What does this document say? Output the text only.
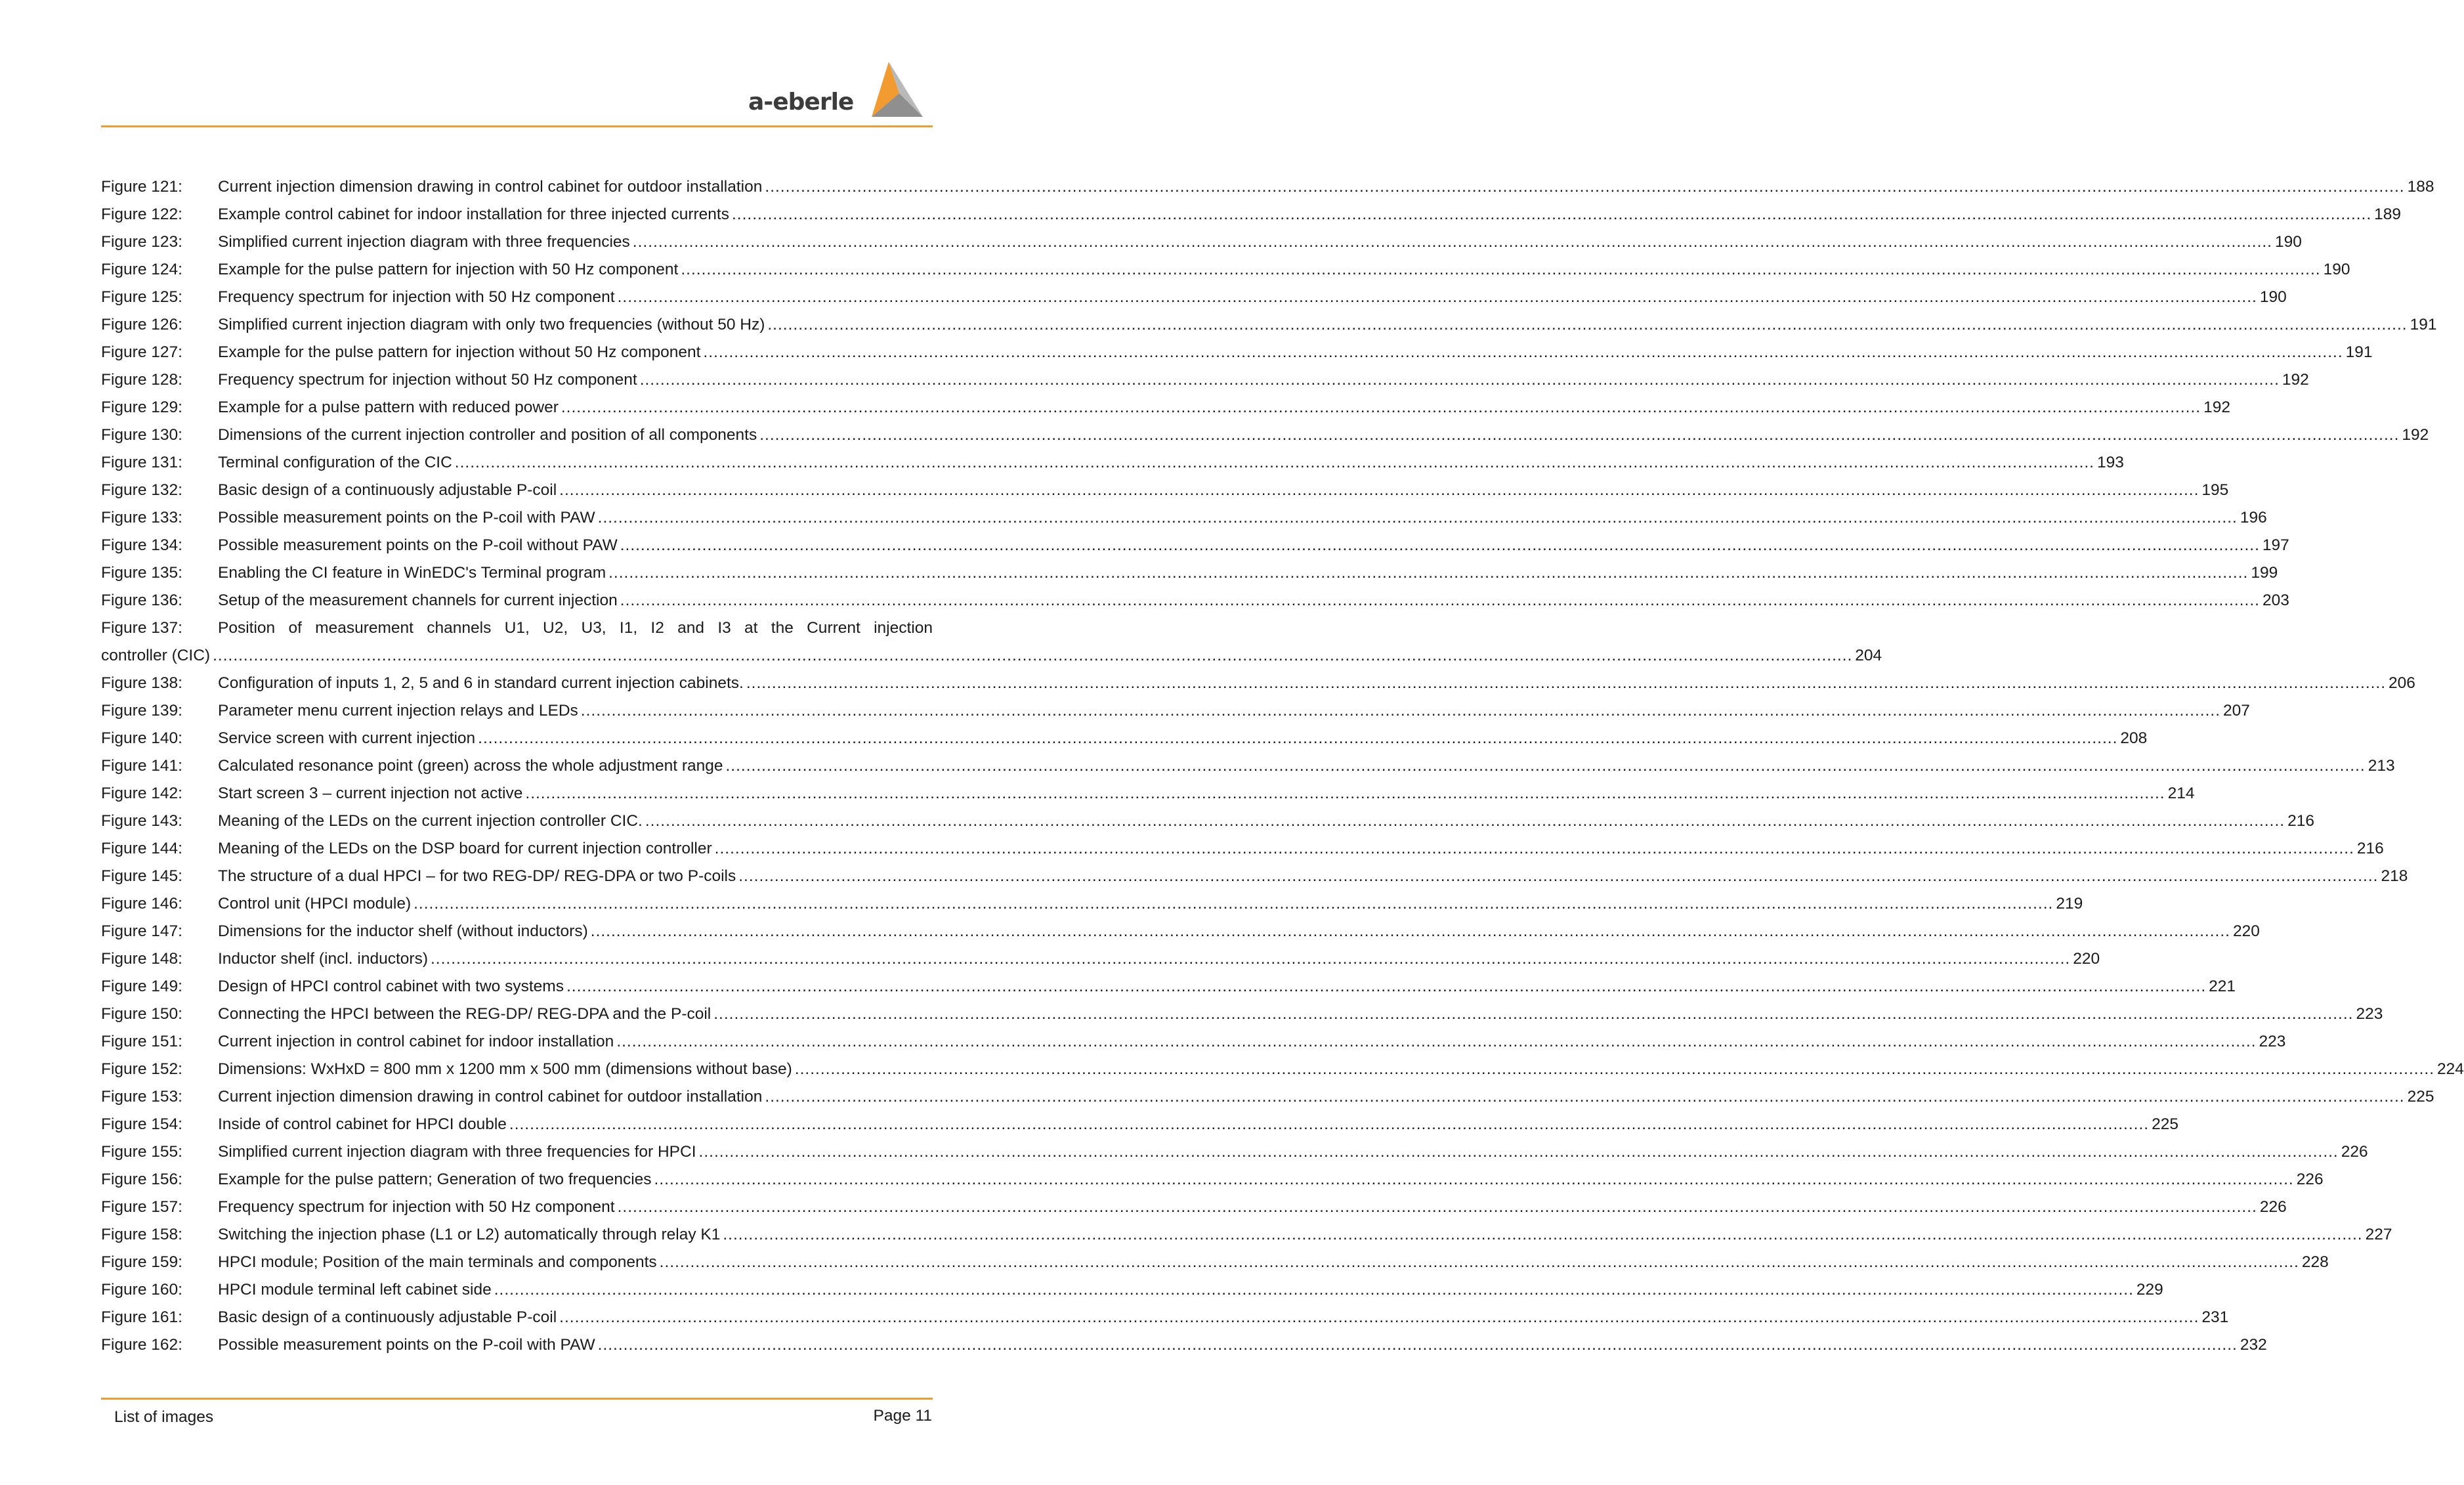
a-eberle
Figure 121:	Current injection dimension drawing in control cabinet for outdoor installation .....	188
Figure 122:	Example control cabinet for indoor installation for three injected currents .....	189
Figure 123:	Simplified current injection diagram with three frequencies .....	190
Figure 124:	Example for the pulse pattern for injection with 50 Hz component .....	190
Figure 125:	Frequency spectrum for injection with 50 Hz component .....	190
Figure 126:	Simplified current injection diagram with only two frequencies (without 50 Hz) .....	191
Figure 127:	Example for the pulse pattern for injection without 50 Hz component .....	191
Figure 128:	Frequency spectrum for injection without 50 Hz component .....	192
Figure 129:	Example for a pulse pattern with reduced power .....	192
Figure 130:	Dimensions of the current injection controller and position of all components .....	192
Figure 131:	Terminal configuration of the CIC .....	193
Figure 132:	Basic design of a continuously adjustable P-coil .....	195
Figure 133:	Possible measurement points on the P-coil with PAW .....	196
Figure 134:	Possible measurement points on the P-coil without PAW .....	197
Figure 135:	Enabling the CI feature in WinEDC's Terminal program .....	199
Figure 136:	Setup of the measurement channels for current injection .....	203
Figure 137:	Position of measurement channels U1, U2, U3, I1, I2 and I3 at the Current injection
controller (CIC) .....	204
Figure 138:	Configuration of inputs 1, 2, 5 and 6 in standard current injection cabinets. .....	206
Figure 139:	Parameter menu current injection relays and LEDs .....	207
Figure 140:	Service screen with current injection .....	208
Figure 141:	Calculated resonance point (green) across the whole adjustment range .....	213
Figure 142:	Start screen 3 – current injection not active .....	214
Figure 143:	Meaning of the LEDs on the current injection controller CIC. .....	216
Figure 144:	Meaning of the LEDs on the DSP board for current injection controller .....	216
Figure 145:	The structure of a dual HPCI – for two REG-DP/ REG-DPA or two P-coils .....	218
Figure 146:	Control unit (HPCI module) .....	219
Figure 147:	Dimensions for the inductor shelf (without inductors) .....	220
Figure 148:	Inductor shelf (incl. inductors) .....	220
Figure 149:	Design of HPCI control cabinet with two systems .....	221
Figure 150:	Connecting the HPCI between the REG-DP/ REG-DPA and the P-coil .....	223
Figure 151:	Current injection in control cabinet for indoor installation .....	223
Figure 152:	Dimensions: WxHxD = 800 mm x 1200 mm x 500 mm (dimensions without base) .....	224
Figure 153:	Current injection dimension drawing in control cabinet for outdoor installation .....	225
Figure 154:	Inside of control cabinet for HPCI double .....	225
Figure 155:	Simplified current injection diagram with three frequencies for HPCI .....	226
Figure 156:	Example for the pulse pattern; Generation of two frequencies .....	226
Figure 157:	Frequency spectrum for injection with 50 Hz component .....	226
Figure 158:	Switching the injection phase (L1 or L2) automatically through relay K1 .....	227
Figure 159:	HPCI module; Position of the main terminals and components .....	228
Figure 160:	HPCI module terminal left cabinet side .....	229
Figure 161:	Basic design of a continuously adjustable P-coil .....	231
Figure 162:	Possible measurement points on the P-coil with PAW .....	232
List of images	Page 11
